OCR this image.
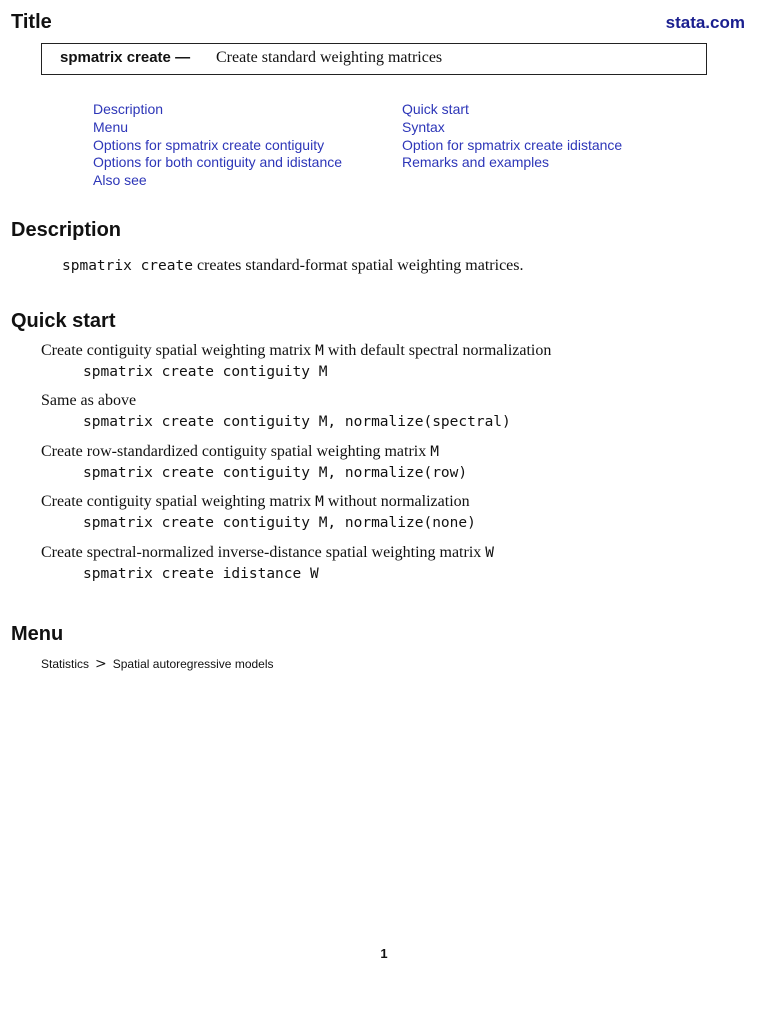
Title	stata.com
spmatrix create — Create standard weighting matrices
Description
Menu
Options for spmatrix create contiguity
Options for both contiguity and idistance
Also see
Quick start
Syntax
Option for spmatrix create idistance
Remarks and examples
Description
spmatrix create creates standard-format spatial weighting matrices.
Quick start
Create contiguity spatial weighting matrix M with default spectral normalization
spmatrix create contiguity M
Same as above
spmatrix create contiguity M, normalize(spectral)
Create row-standardized contiguity spatial weighting matrix M
spmatrix create contiguity M, normalize(row)
Create contiguity spatial weighting matrix M without normalization
spmatrix create contiguity M, normalize(none)
Create spectral-normalized inverse-distance spatial weighting matrix W
spmatrix create idistance W
Menu
Statistics > Spatial autoregressive models
1
